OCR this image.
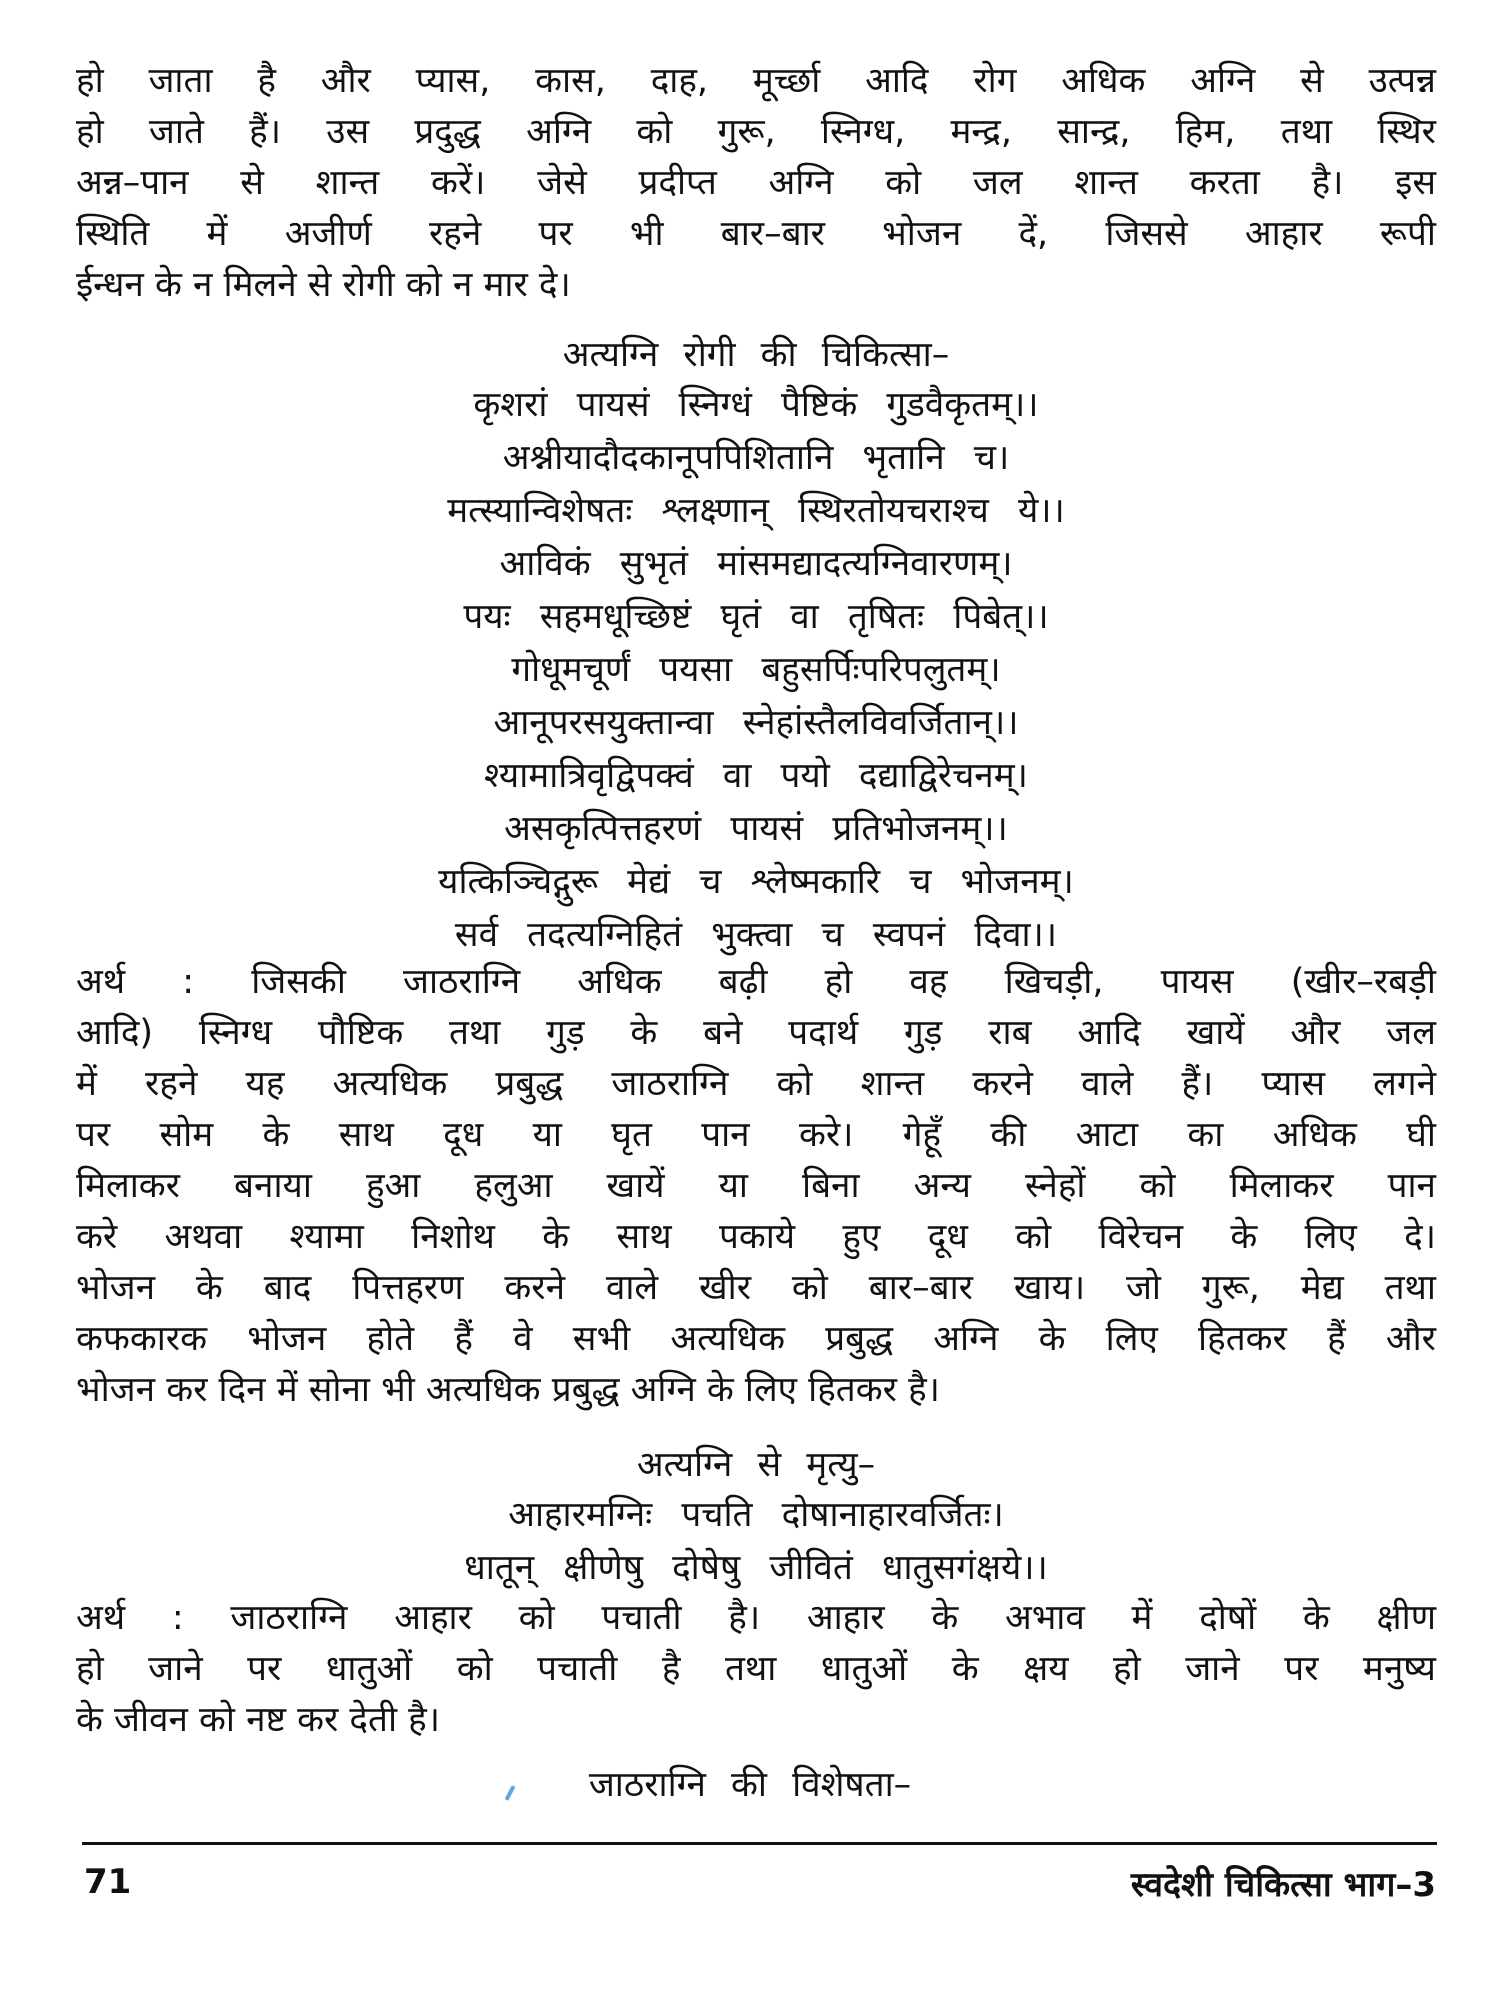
हो जाता है और प्यास, कास, दाह, मूर्च्छा आदि रोग अधिक अग्नि से उत्पन्न
हो जाते हैं। उस प्रदुद्ध अग्नि को गुरू, स्निग्ध, मन्द्र, सान्द्र, हिम, तथा स्थिर
अन्न–पान से शान्त करें। जेसे प्रदीप्त अग्नि को जल शान्त करता है। इस
स्थिति में अजीर्ण रहने पर भी बार–बार भोजन दें, जिससे आहार रूपी
ईन्धन के न मिलने से रोगी को न मार दे।
अत्यग्नि रोगी की चिकित्सा–
कृशरां पायसं स्निग्धं पैष्टिकं गुडवैकृतम्।।
अश्नीयादौदकानूपपिशितानि भृतानि च।
मत्स्यान्विशेषतः श्लक्ष्णान् स्थिरतोयचराश्च ये।।
आविकं सुभृतं मांसमद्यादत्यग्निवारणम्।
पयः सहमधूच्छिष्टं घृतं वा तृषितः पिबेत्।।
गोधूमचूर्णं पयसा बहुसर्पिःपरिपलुतम्।
आनूपरसयुक्तान्वा स्नेहांस्तैलविवर्जितान्।।
श्यामात्रिवृद्विपक्वं वा पयो दद्याद्विरेचनम्।
असकृत्पित्तहरणं पायसं प्रतिभोजनम्।।
यत्किञ्चिद्गुरू मेद्यं च श्लेष्मकारि च भोजनम्।
सर्व तदत्यग्निहितं भुक्त्वा च स्वपनं दिवा।।
अर्थ : जिसकी जाठराग्नि अधिक बढ़ी हो वह खिचड़ी, पायस (खीर–रबड़ी
आदि) स्निग्ध पौष्टिक तथा गुड़ के बने पदार्थ गुड़ राब आदि खायें और जल
में रहने यह अत्यधिक प्रबुद्ध जाठराग्नि को शान्त करने वाले हैं। प्यास लगने
पर सोम के साथ दूध या घृत पान करे। गेहूँ की आटा का अधिक घी
मिलाकर बनाया हुआ हलुआ खायें या बिना अन्य स्नेहों को मिलाकर पान
करे अथवा श्यामा निशोथ के साथ पकाये हुए दूध को विरेचन के लिए दे।
भोजन के बाद पित्तहरण करने वाले खीर को बार–बार खाय। जो गुरू, मेद्य तथा
कफकारक भोजन होते हैं वे सभी अत्यधिक प्रबुद्ध अग्नि के लिए हितकर हैं और
भोजन कर दिन में सोना भी अत्यधिक प्रबुद्ध अग्नि के लिए हितकर है।
अत्यग्नि से मृत्यु–
आहारमग्निः पचति दोषानाहारवर्जितः।
धातून् क्षीणेषु दोषेषु जीवितं धातुसगंक्षये।।
अर्थ : जाठराग्नि आहार को पचाती है। आहार के अभाव में दोषों के क्षीण
हो जाने पर धातुओं को पचाती है तथा धातुओं के क्षय हो जाने पर मनुष्य
के जीवन को नष्ट कर देती है।
जाठराग्नि की विशेषता–
71	स्वदेशी चिकित्सा भाग–3
